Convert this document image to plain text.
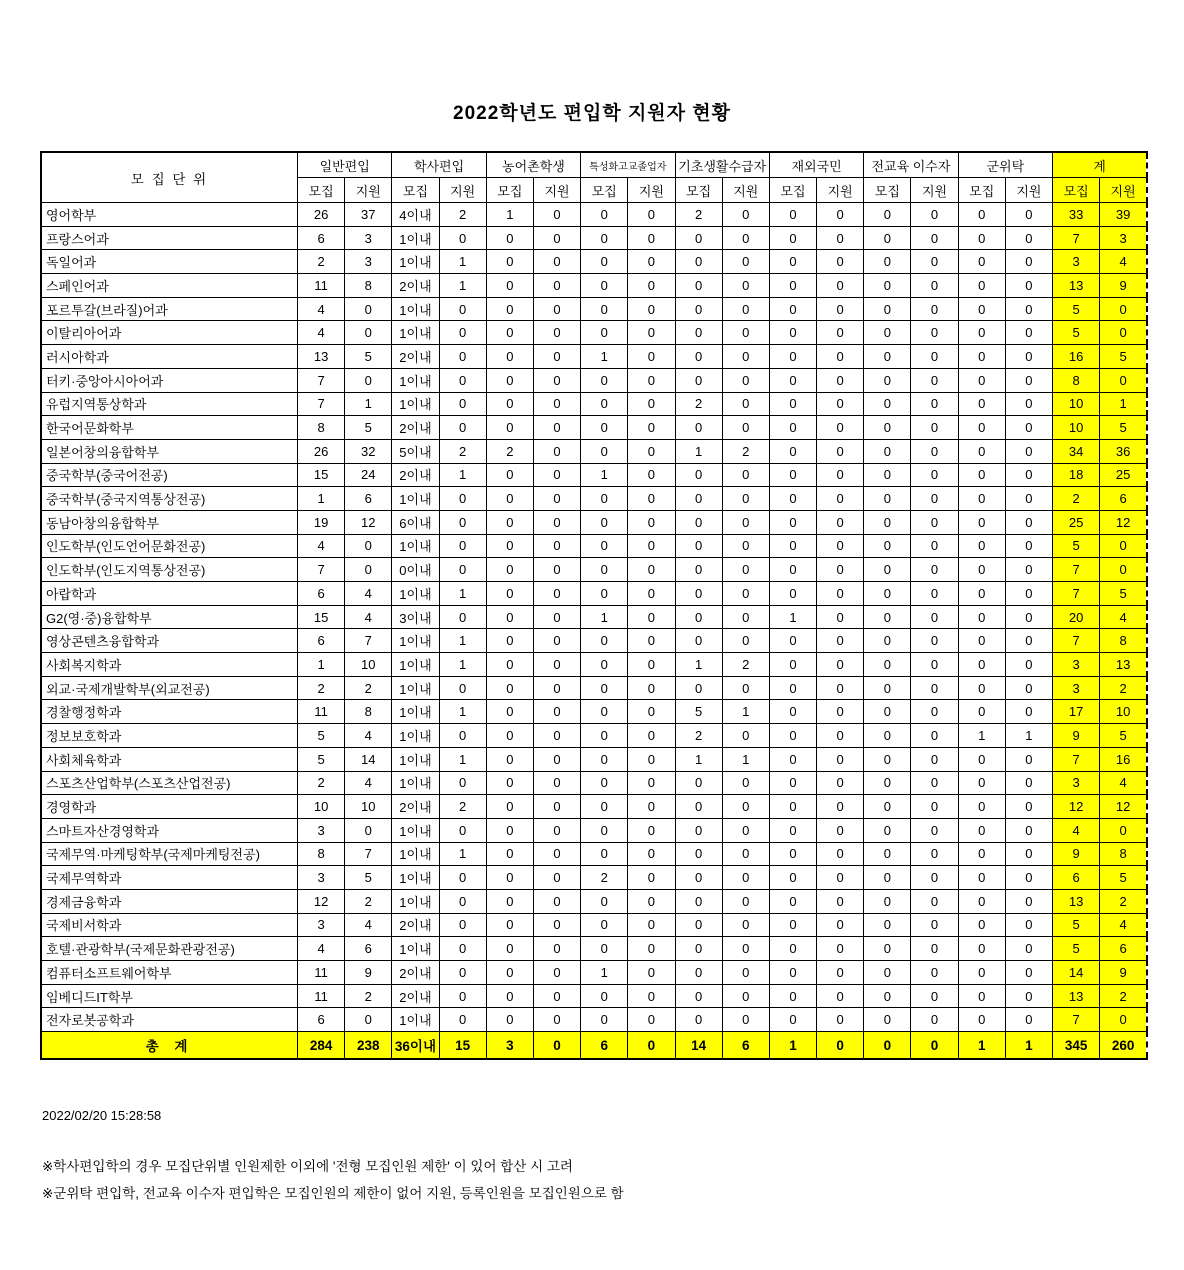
2022학년도 편입학 지원자 현황
모 집 단 위	일반편입		학사편입		농어촌학생		특성화고교졸업자		기초생활수급자		재외국민		전교육 이수자		군위탁		계	
	모집	지원	모집	지원	모집	지원	모집	지원	모집	지원	모집	지원	모집	지원	모집	지원	모집	지원
영어학부	26	37	4이내	2	1	0	0	0	2	0	0	0	0	0	0	0	33	39
프랑스어과	6	3	1이내	0	0	0	0	0	0	0	0	0	0	0	0	0	7	3
독일어과	2	3	1이내	1	0	0	0	0	0	0	0	0	0	0	0	0	3	4
스페인어과	11	8	2이내	1	0	0	0	0	0	0	0	0	0	0	0	0	13	9
포르투갈(브라질)어과	4	0	1이내	0	0	0	0	0	0	0	0	0	0	0	0	0	5	0
이탈리아어과	4	0	1이내	0	0	0	0	0	0	0	0	0	0	0	0	0	5	0
러시아학과	13	5	2이내	0	0	0	1	0	0	0	0	0	0	0	0	0	16	5
터키·중앙아시아어과	7	0	1이내	0	0	0	0	0	0	0	0	0	0	0	0	0	8	0
유럽지역통상학과	7	1	1이내	0	0	0	0	0	2	0	0	0	0	0	0	0	10	1
한국어문화학부	8	5	2이내	0	0	0	0	0	0	0	0	0	0	0	0	0	10	5
일본어창의융합학부	26	32	5이내	2	2	0	0	0	1	2	0	0	0	0	0	0	34	36
중국학부(중국어전공)	15	24	2이내	1	0	0	1	0	0	0	0	0	0	0	0	0	18	25
중국학부(중국지역통상전공)	1	6	1이내	0	0	0	0	0	0	0	0	0	0	0	0	0	2	6
동남아창의융합학부	19	12	6이내	0	0	0	0	0	0	0	0	0	0	0	0	0	25	12
인도학부(인도언어문화전공)	4	0	1이내	0	0	0	0	0	0	0	0	0	0	0	0	0	5	0
인도학부(인도지역통상전공)	7	0	0이내	0	0	0	0	0	0	0	0	0	0	0	0	0	7	0
아랍학과	6	4	1이내	1	0	0	0	0	0	0	0	0	0	0	0	0	7	5
G2(영·중)융합학부	15	4	3이내	0	0	0	1	0	0	0	1	0	0	0	0	0	20	4
영상콘텐츠융합학과	6	7	1이내	1	0	0	0	0	0	0	0	0	0	0	0	0	7	8
사회복지학과	1	10	1이내	1	0	0	0	0	1	2	0	0	0	0	0	0	3	13
외교·국제개발학부(외교전공)	2	2	1이내	0	0	0	0	0	0	0	0	0	0	0	0	0	3	2
경찰행정학과	11	8	1이내	1	0	0	0	0	5	1	0	0	0	0	0	0	17	10
정보보호학과	5	4	1이내	0	0	0	0	0	2	0	0	0	0	0	1	1	9	5
사회체육학과	5	14	1이내	1	0	0	0	0	1	1	0	0	0	0	0	0	7	16
스포츠산업학부(스포츠산업전공)	2	4	1이내	0	0	0	0	0	0	0	0	0	0	0	0	0	3	4
경영학과	10	10	2이내	2	0	0	0	0	0	0	0	0	0	0	0	0	12	12
스마트자산경영학과	3	0	1이내	0	0	0	0	0	0	0	0	0	0	0	0	0	4	0
국제무역·마케팅학부(국제마케팅전공)	8	7	1이내	1	0	0	0	0	0	0	0	0	0	0	0	0	9	8
국제무역학과	3	5	1이내	0	0	0	2	0	0	0	0	0	0	0	0	0	6	5
경제금융학과	12	2	1이내	0	0	0	0	0	0	0	0	0	0	0	0	0	13	2
국제비서학과	3	4	2이내	0	0	0	0	0	0	0	0	0	0	0	0	0	5	4
호텔·관광학부(국제문화관광전공)	4	6	1이내	0	0	0	0	0	0	0	0	0	0	0	0	0	5	6
컴퓨터소프트웨어학부	11	9	2이내	0	0	0	1	0	0	0	0	0	0	0	0	0	14	9
임베디드IT학부	11	2	2이내	0	0	0	0	0	0	0	0	0	0	0	0	0	13	2
전자로봇공학과	6	0	1이내	0	0	0	0	0	0	0	0	0	0	0	0	0	7	0
총 계	284	238	36이내	15	3	0	6	0	14	6	1	0	0	0	1	1	345	260
2022/02/20 15:28:58
※학사편입학의 경우 모집단위별 인원제한 이외에 '전형 모집인원 제한' 이 있어 합산 시 고려
※군위탁 편입학, 전교육 이수자 편입학은 모집인원의 제한이 없어 지원, 등록인원을 모집인원으로 함
